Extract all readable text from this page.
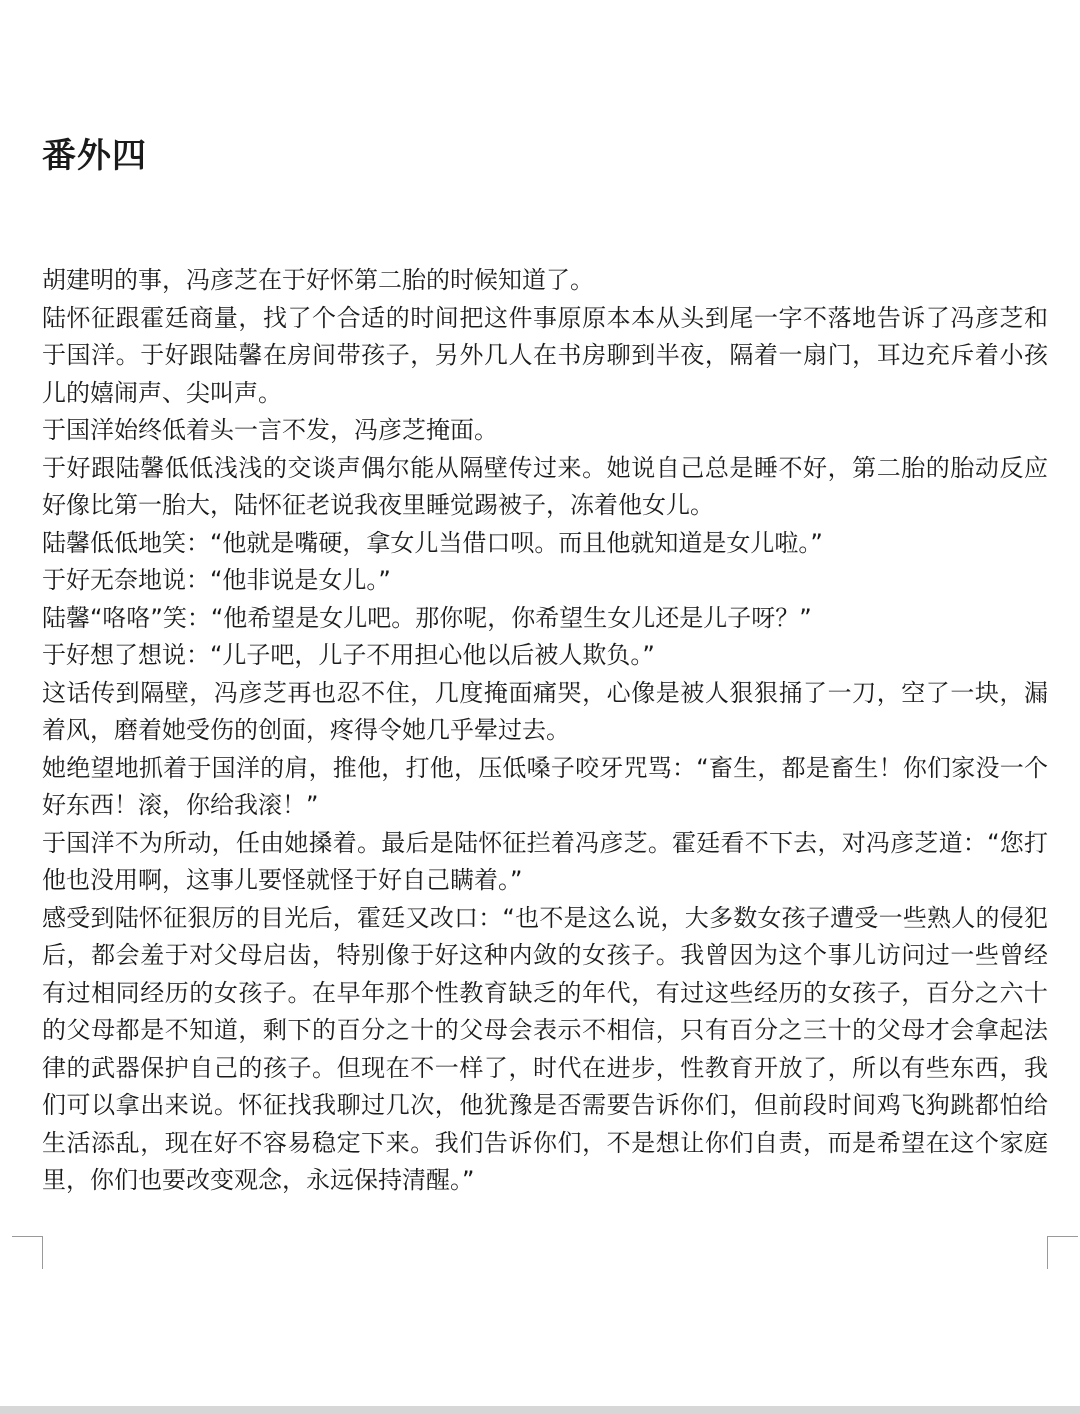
番外四

胡建明的事，冯彦芝在于好怀第二胎的时候知道了。

陆怀征跟霍廷商量，找了个合适的时间把这件事原原本本从头到尾一字不落地告诉了冯彦芝和于国洋。于好跟陆馨在房间带孩子，另外几人在书房聊到半夜，隔着一扇门，耳边充斥着小孩儿的嬉闹声、尖叫声。

于国洋始终低着头一言不发，冯彦芝掩面。

于好跟陆馨低低浅浅的交谈声偶尔能从隔壁传过来。她说自己总是睡不好，第二胎的胎动反应好像比第一胎大，陆怀征老说我夜里睡觉踢被子，冻着他女儿。

陆馨低低地笑：“他就是嘴硬，拿女儿当借口呗。而且他就知道是女儿啦。”

于好无奈地说：“他非说是女儿。”

陆馨“咯咯”笑：“他希望是女儿吧。那你呢，你希望生女儿还是儿子呀？”

于好想了想说：“儿子吧，儿子不用担心他以后被人欺负。”

这话传到隔壁，冯彦芝再也忍不住，几度掩面痛哭，心像是被人狠狠捅了一刀，空了一块，漏着风，磨着她受伤的创面，疼得令她几乎晕过去。

她绝望地抓着于国洋的肩，推他，打他，压低嗓子咬牙咒骂：“畜生，都是畜生！你们家没一个好东西！滚，你给我滚！”

于国洋不为所动，任由她搡着。最后是陆怀征拦着冯彦芝。霍廷看不下去，对冯彦芝道：“您打他也没用啊，这事儿要怪就怪于好自己瞒着。”

感受到陆怀征狠厉的目光后，霍廷又改口：“也不是这么说，大多数女孩子遭受一些熟人的侵犯后，都会羞于对父母启齿，特别像于好这种内敛的女孩子。我曾因为这个事儿访问过一些曾经有过相同经历的女孩子。在早年那个性教育缺乏的年代，有过这些经历的女孩子，百分之六十的父母都是不知道，剩下的百分之十的父母会表示不相信，只有百分之三十的父母才会拿起法律的武器保护自己的孩子。但现在不一样了，时代在进步，性教育开放了，所以有些东西，我们可以拿出来说。怀征找我聊过几次，他犹豫是否需要告诉你们，但前段时间鸡飞狗跳都怕给生活添乱，现在好不容易稳定下来。我们告诉你们，不是想让你们自责，而是希望在这个家庭里，你们也要改变观念，永远保持清醒。”
